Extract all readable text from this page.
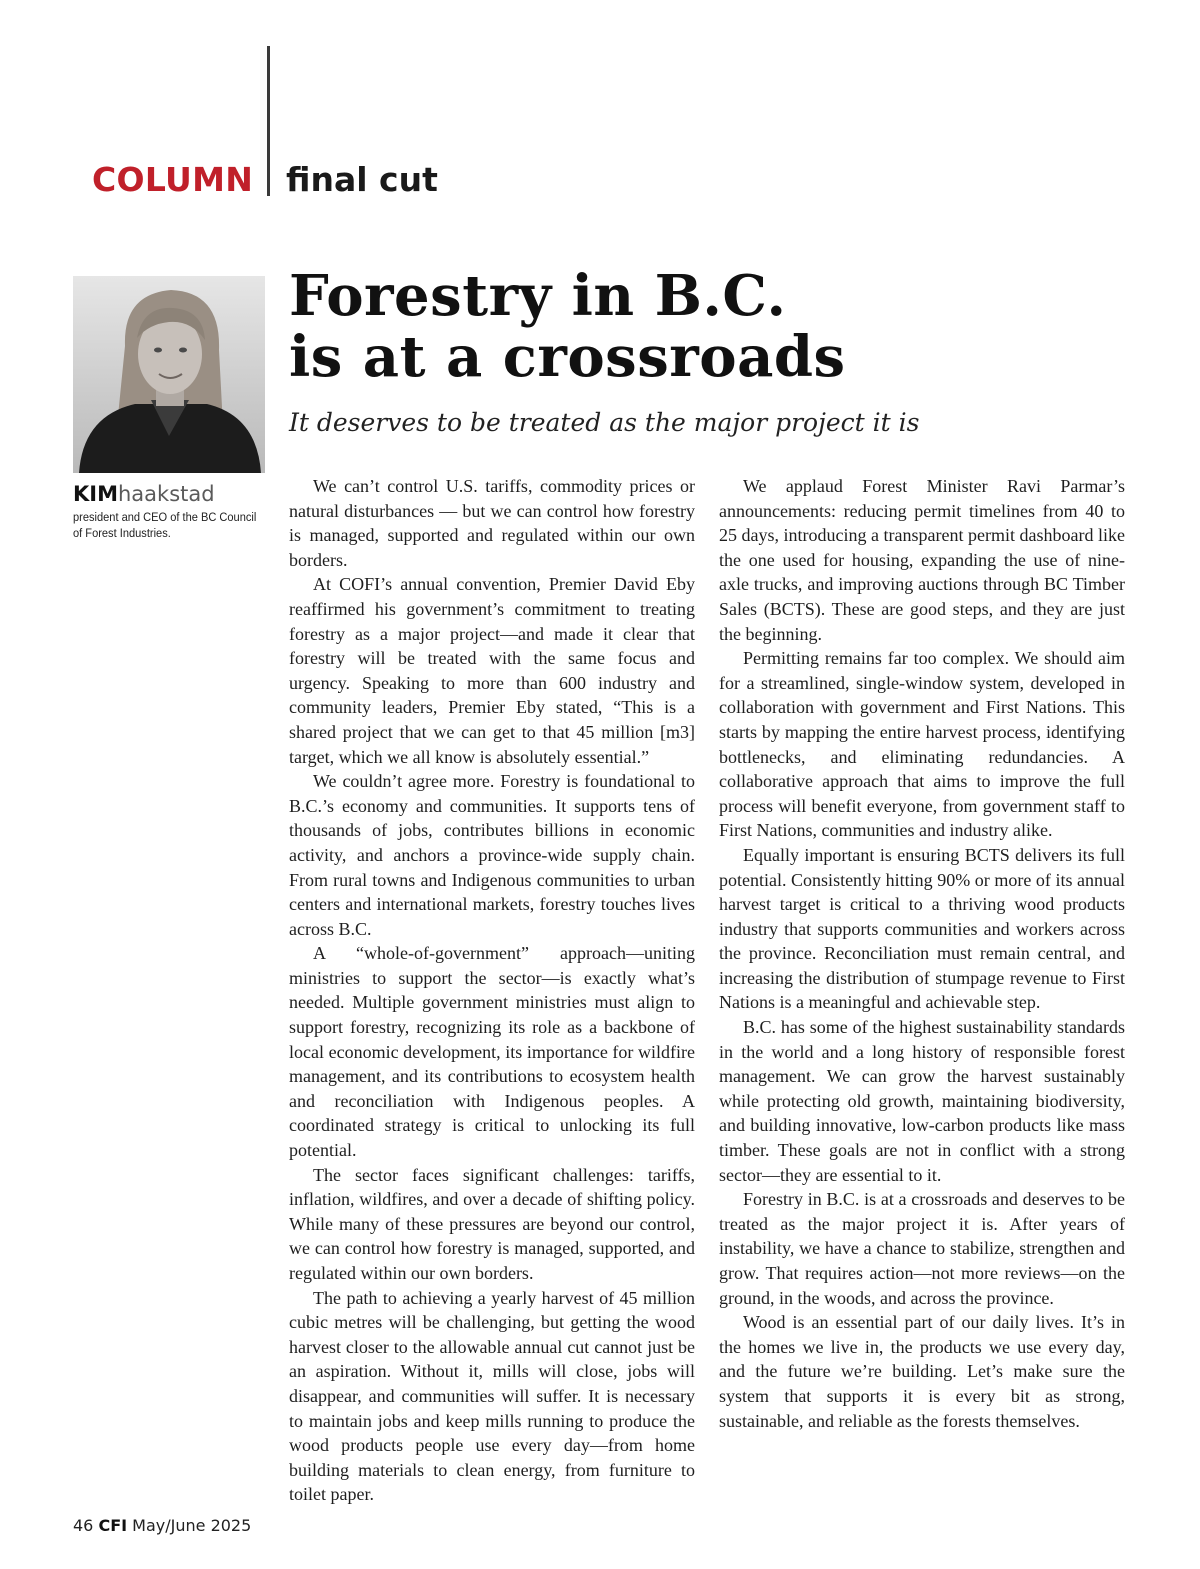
COLUMN final cut
KIMhaakstad
president and CEO of the BC Council of Forest Industries.
Forestry in B.C.
is at a crossroads
It deserves to be treated as the major project it is

We can’t control U.S. tariffs, commodity prices or natural disturbances — but we can control how forestry is managed, supported and regulated within our own borders.

At COFI’s annual convention, Premier David Eby reaffirmed his government’s commitment to treating forestry as a major project—and made it clear that forestry will be treated with the same focus and urgency. Speaking to more than 600 industry and community leaders, Premier Eby stated, “This is a shared project that we can get to that 45 million [m3] target, which we all know is absolutely essential.”

We couldn’t agree more. Forestry is foundational to B.C.’s economy and communities. It supports tens of thousands of jobs, contributes billions in economic activity, and anchors a province-wide supply chain. From rural towns and Indigenous communities to urban centers and international markets, forestry touches lives across B.C.

A “whole-of-government” approach—uniting ministries to support the sector—is exactly what’s needed. Multiple government ministries must align to support forestry, recognizing its role as a backbone of local economic development, its importance for wildfire management, and its contributions to ecosystem health and reconciliation with Indigenous peoples. A coordinated strategy is critical to unlocking its full potential.

The sector faces significant challenges: tariffs, inflation, wildfires, and over a decade of shifting policy. While many of these pressures are beyond our control, we can control how forestry is managed, supported, and regulated within our own borders.

The path to achieving a yearly harvest of 45 million cubic metres will be challenging, but getting the wood harvest closer to the allowable annual cut cannot just be an aspiration. Without it, mills will close, jobs will disappear, and communities will suffer. It is necessary to maintain jobs and keep mills running to produce the wood products people use every day—from home building materials to clean energy, from furniture to toilet paper.

We applaud Forest Minister Ravi Parmar’s announcements: reducing permit timelines from 40 to 25 days, introducing a transparent permit dashboard like the one used for housing, expanding the use of nine-axle trucks, and improving auctions through BC Timber Sales (BCTS). These are good steps, and they are just the beginning.

Permitting remains far too complex. We should aim for a streamlined, single-window system, developed in collaboration with government and First Nations. This starts by mapping the entire harvest process, identifying bottlenecks, and eliminating redundancies. A collaborative approach that aims to improve the full process will benefit everyone, from government staff to First Nations, communities and industry alike.

Equally important is ensuring BCTS delivers its full potential. Consistently hitting 90% or more of its annual harvest target is critical to a thriving wood products industry that supports communities and workers across the province. Reconciliation must remain central, and increasing the distribution of stumpage revenue to First Nations is a meaningful and achievable step.

B.C. has some of the highest sustainability standards in the world and a long history of responsible forest management. We can grow the harvest sustainably while protecting old growth, maintaining biodiversity, and building innovative, low-carbon products like mass timber. These goals are not in conflict with a strong sector—they are essential to it.

Forestry in B.C. is at a crossroads and deserves to be treated as the major project it is. After years of instability, we have a chance to stabilize, strengthen and grow. That requires action—not more reviews—on the ground, in the woods, and across the province.

Wood is an essential part of our daily lives. It’s in the homes we live in, the products we use every day, and the future we’re building. Let’s make sure the system that supports it is every bit as strong, sustainable, and reliable as the forests themselves.

46 CFI May/June 2025
